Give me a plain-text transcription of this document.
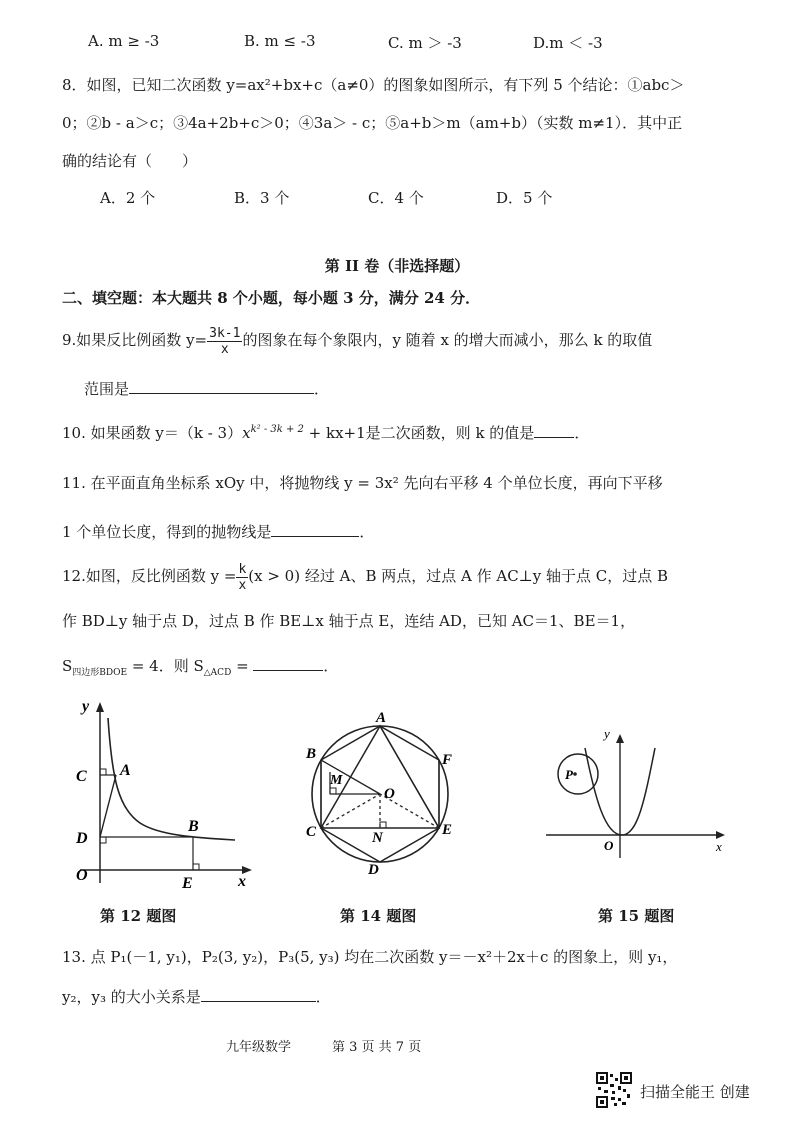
A. m ≥ -3	B. m ≤ -3	C. m ＞ -3	D.m ＜ -3
8．如图，已知二次函数 y=ax²+bx+c（a≠0）的图象如图所示，有下列 5 个结论：①abc＞
0；②b - a＞c；③4a+2b+c＞0；④3a＞ - c；⑤a+b＞m（am+b）（实数 m≠1）．其中正
确的结论有（　　）
A．2 个	B．3 个	C．4 个	D．5 个
第 II 卷（非选择题）
二、填空题：本大题共 8 个小题，每小题 3 分，满分 24 分．
9.如果反比例函数 $y= \frac{3k-1}{x}$ 的图象在每个象限内，y 随着 x 的增大而减小，那么 k 的取值
范围是	．
10. 如果函数 $y=(k - 3)x^{k^2 - 3k + 2} + kx+1$是二次函数，则 k 的值是	．
11. 在平面直角坐标系 xOy 中，将抛物线 y = 3x² 先向右平移 4 个单位长度，再向下平移
1 个单位长度，得到的抛物线是	．
12.如图，反比例函数 $y = \frac{k}{x} (x > 0)$ 经过 A、B 两点，过点 A 作 AC⊥y 轴于点 C，过点 B
作 BD⊥y 轴于点 D，过点 B 作 BE⊥x 轴于点 E，连结 AD，已知 AC＝1、BE＝1，
$S_{四边形BDOE} = 4$．则 $S_{\triangle ACD}$ =	．
y
C A
D
B
O	E	x
第 12 题图
A
B	F
M
O
C	N	E
D
第 14 题图
y
P
O	x
第 15 题图
13. 点 P₁(－1, y₁)，P₂(3, y₂)，P₃(5, y₃) 均在二次函数 y＝－x²＋2x＋c 的图象上，则 y₁，
y₂，y₃ 的大小关系是	．
九年级数学	第 3 页 共 7 页
扫描全能王 创建
